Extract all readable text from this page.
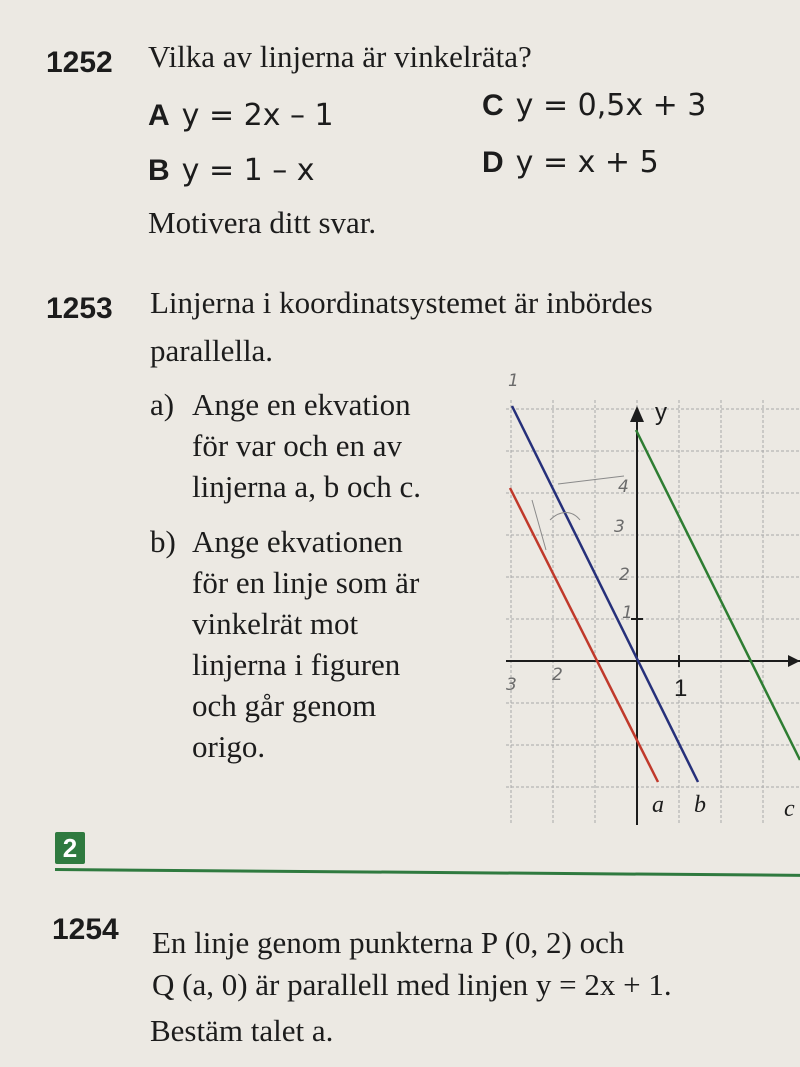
1252 Vilka av linjerna är vinkelräta?
A y = 2x – 1
B y = 1 – x
C y = 0,5x + 3
D y = x + 5
Motivera ditt svar.
1253 Linjerna i koordinatsystemet är inbördes
parallella.
a) Ange en ekvation
för var och en av
linjerna a, b och c.
b) Ange ekvationen
för en linje som är
vinkelrät mot
linjerna i figuren
och går genom
origo.
y
1
a b	c
4
3
2
1
2
3
1
2
1254 En linje genom punkterna P (0, 2) och
Q (a, 0) är parallell med linjen y = 2x + 1.
Bestäm talet a.
